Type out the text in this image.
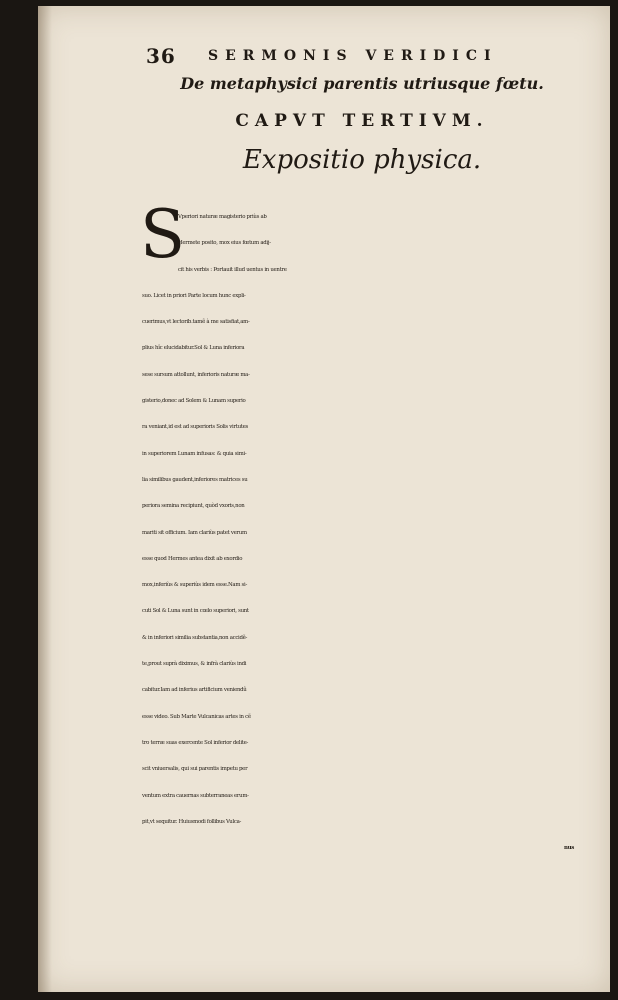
36 SERMONIS VERIDICI
De metaphysici parentis utriusque fœtu.
CAPVT TERTIVM.
Expositio physica.
S
Vperiori naturæ magisterio priùs ab
Hermete posito, mox eius fœtum adij-
cit his verbis : Portauit illud uentus in uentre
suo. Licet in priori Parte locum hunc expli-
cuerimus,vt lectorib.tamẽ à me satisfiat,am-
plius hîc elucidabitur.Sol & Luna inferiora
sese sursum attollunt, inferioris naturæ ma-
gisterio,donec ad Solem & Lunam superio
ra veniant,id est ad superioris Solis virtutes
in superiorem Lunam infusas: & quia simi-
lia similibus gaudent,inferiores matrices su
periora semina recipiunt, quòd vxoris,non
mariti sit officium. Iam clariùs patet verum
esse quod Hermes antea dixit ab exordio
mox,inferiùs & superiùs idem esse.Nam si-
cuti Sol & Luna sunt in cœlo superiori, sunt
& in inferiori similia substantia,non accidẽ-
te,prout suprà diximus, & infrà clariùs indi
cabitur.Iam ad inferius artificium veniendũ
esse video. Sub Marte Vulcanicas artes in cẽ
tro terræ suas exercente Sol inferior delite-
scit vniuersalis, qui sui parentis impetu per
ventum extra cauernas subterraneas erum-
pit,vt sequitur. Huiusmodi follibus Vulca-
nus
